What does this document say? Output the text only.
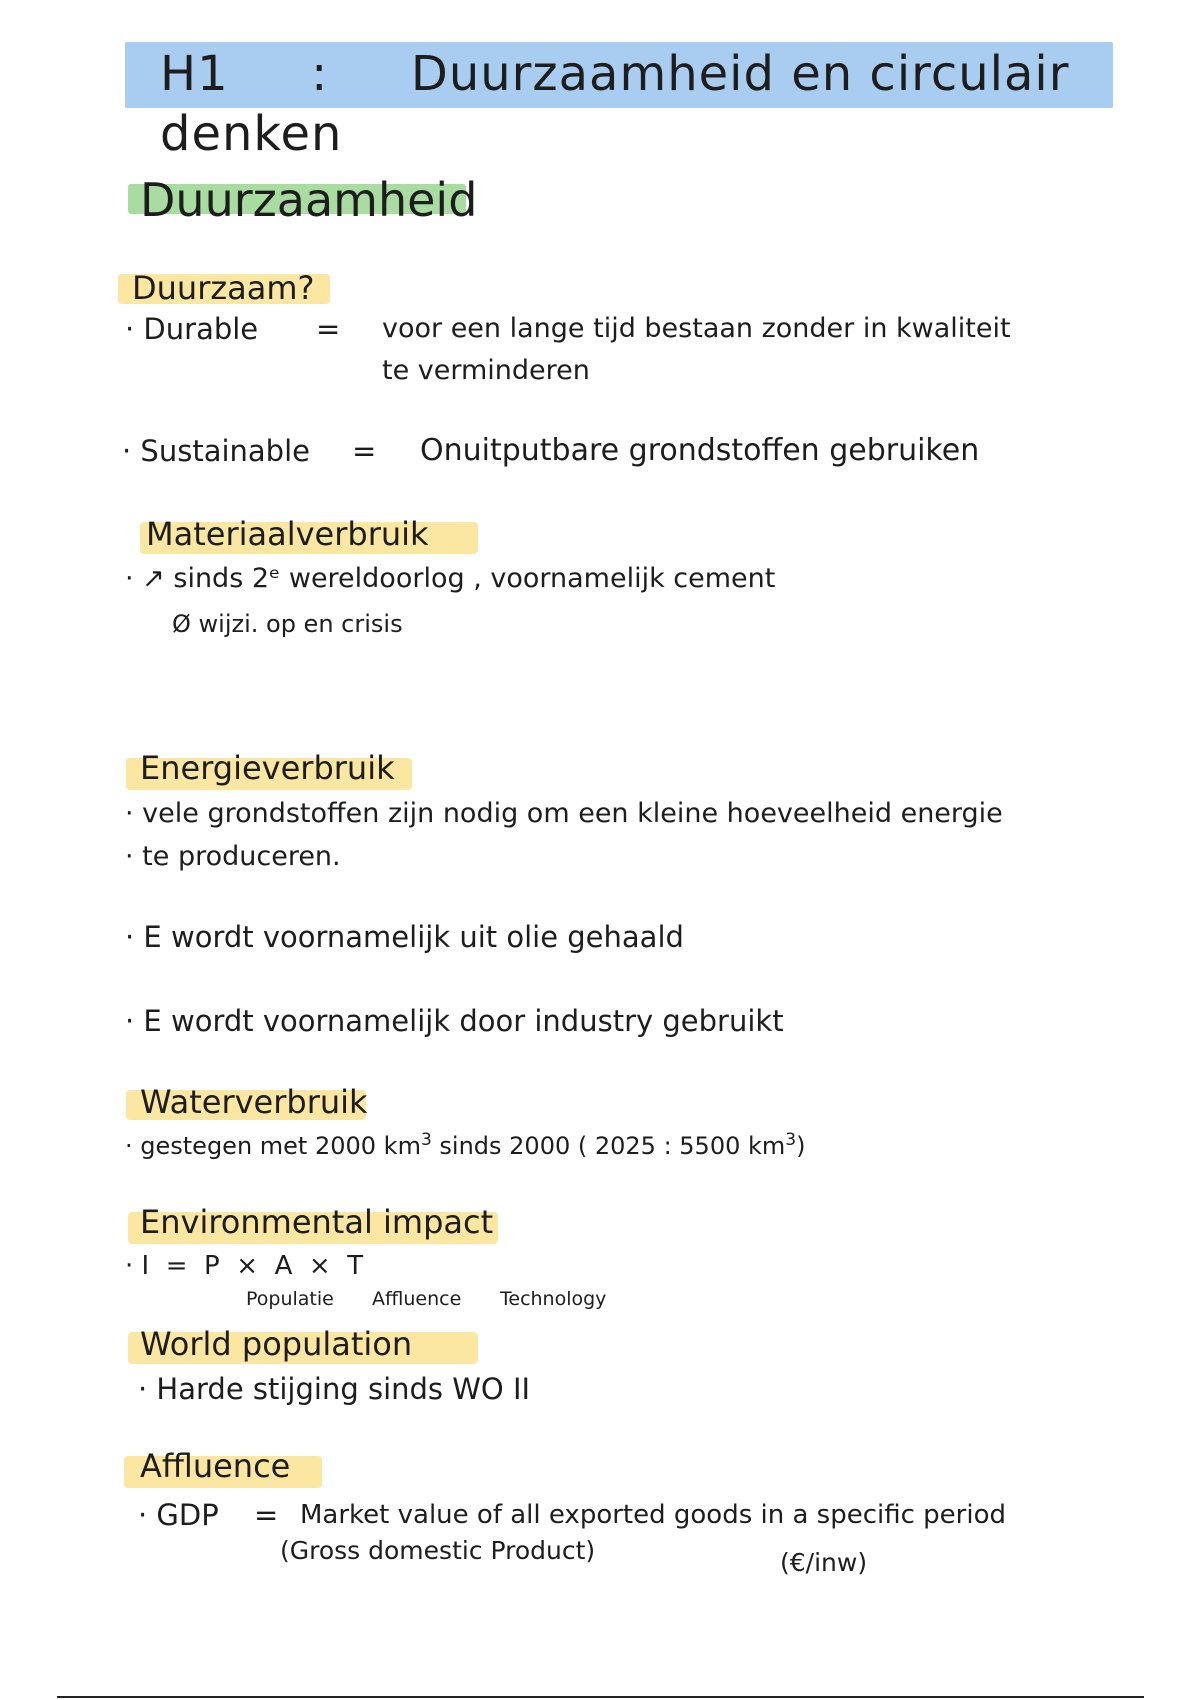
H1 : Duurzaamheid en circulair denken
Duurzaamheid
Duurzaam?
· Durable = voor een lange tijd bestaan zonder in kwaliteit
te verminderen
· Sustainable = Onuitputbare grondstoffen gebruiken
Materiaalverbruik
· ↗ sinds 2ᵉ wereldoorlog , voornamelijk cement
Ø wijzi. op en crisis
Energieverbruik
· vele grondstoffen zijn nodig om een kleine hoeveelheid energie
· te produceren.
· E wordt voornamelijk uit olie gehaald
· E wordt voornamelijk door industry gebruikt
Waterverbruik
· gestegen met 2000 $km^3$ sinds 2000 ( 2025 : 5500 $km^3$)
Environmental impact
· I  =  P  ×  A  ×  T
Populatie Affluence Technology
World population
· Harde stijging sinds WO II
Affluence
· GDP = Market value of all exported goods in a specific period
(Gross domestic Product)	(€/inw)
